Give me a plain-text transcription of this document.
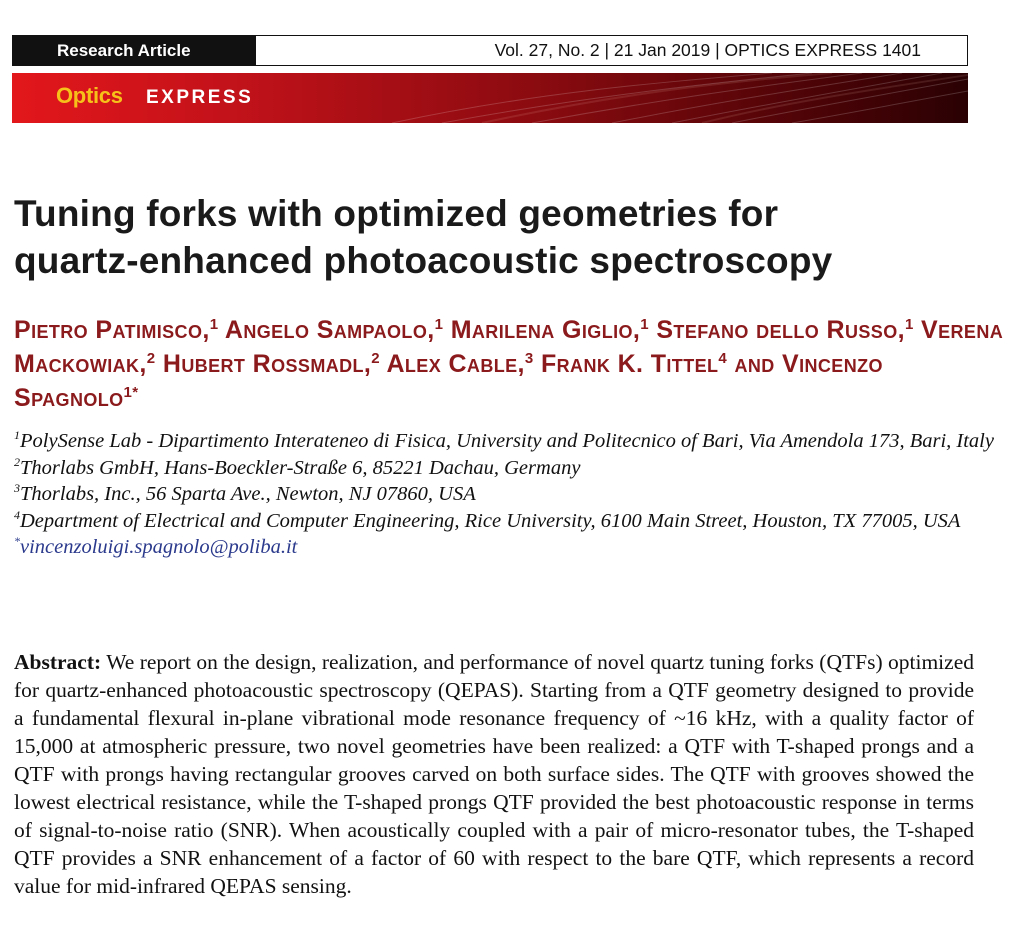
Research Article	Vol. 27, No. 2 | 21 Jan 2019 | OPTICS EXPRESS 1401
Optics EXPRESS
Tuning forks with optimized geometries for
quartz-enhanced photoacoustic spectroscopy
Pietro Patimisco,$^1$ Angelo Sampaolo,$^1$ Marilena Giglio,$^1$ Stefano dello Russo,$^1$ Verena Mackowiak,$^2$ Hubert Rossmadl,$^2$ Alex Cable,$^3$ Frank K. Tittel$^4$ and Vincenzo Spagnolo$^{1*}$
$^1$PolySense Lab - Dipartimento Interateneo di Fisica, University and Politecnico of Bari, Via Amendola 173, Bari, Italy
$^2$Thorlabs GmbH, Hans-Boeckler-Straße 6, 85221 Dachau, Germany
$^3$Thorlabs, Inc., 56 Sparta Ave., Newton, NJ 07860, USA
$^4$Department of Electrical and Computer Engineering, Rice University, 6100 Main Street, Houston, TX 77005, USA
*vincenzoluigi.spagnolo@poliba.it

Abstract: We report on the design, realization, and performance of novel quartz tuning forks (QTFs) optimized for quartz-enhanced photoacoustic spectroscopy (QEPAS). Starting from a QTF geometry designed to provide a fundamental flexural in-plane vibrational mode resonance frequency of ~16 kHz, with a quality factor of 15,000 at atmospheric pressure, two novel geometries have been realized: a QTF with T-shaped prongs and a QTF with prongs having rectangular grooves carved on both surface sides. The QTF with grooves showed the lowest electrical resistance, while the T-shaped prongs QTF provided the best photoacoustic response in terms of signal-to-noise ratio (SNR). When acoustically coupled with a pair of micro-resonator tubes, the T-shaped QTF provides a SNR enhancement of a factor of 60 with respect to the bare QTF, which represents a record value for mid-infrared QEPAS sensing.
